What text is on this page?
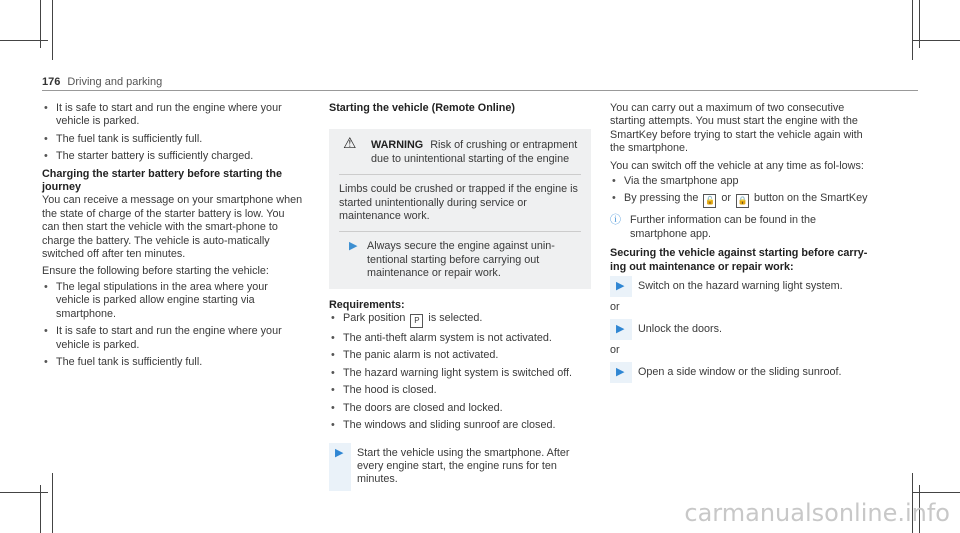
176 Driving and parking
• It is safe to start and run the engine where your vehicle is parked.
• The fuel tank is sufficiently full.
• The starter battery is sufficiently charged.

Charging the starter battery before starting the journey

You can receive a message on your smartphone when the state of charge of the starter battery is low. You can then start the vehicle with the smart-phone to charge the battery. The vehicle is auto-matically switched off after ten minutes.

Ensure the following before starting the vehicle:

• The legal stipulations in the area where your vehicle is parked allow engine starting via smartphone.
• It is safe to start and run the engine where your vehicle is parked.
• The fuel tank is sufficiently full.

Starting the vehicle (Remote Online)

⚠ WARNING Risk of crushing or entrapment due to unintentional starting of the engine

Limbs could be crushed or trapped if the engine is started unintentionally during service or maintenance work.

▶ Always secure the engine against unin-tentional starting before carrying out maintenance or repair work.

Requirements:

• Park position P is selected.
• The anti-theft alarm system is not activated.
• The panic alarm is not activated.
• The hazard warning light system is switched off.
• The hood is closed.
• The doors are closed and locked.
• The windows and sliding sunroof are closed.
▶ Start the vehicle using the smartphone. After every engine start, the engine runs for ten minutes.

You can carry out a maximum of two consecutive starting attempts. You must start the engine with the SmartKey before trying to start the vehicle again with the smartphone.

You can switch off the vehicle at any time as fol-lows:

• Via the smartphone app
• By pressing the 🔓 or 🔒 button on the SmartKey
ⓘ Further information can be found in the smartphone app.

Securing the vehicle against starting before carry-ing out maintenance or repair work:

▶ Switch on the hazard warning light system.

or

▶ Unlock the doors.

or

▶ Open a side window or the sliding sunroof.
carmanualsonline.info
